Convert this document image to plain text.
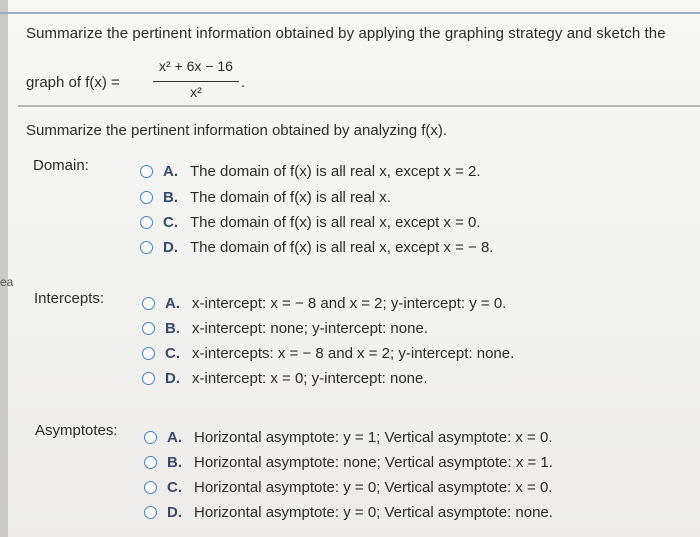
ea
Summarize the pertinent information obtained by applying the graphing strategy and sketch the
graph of f(x) =
x² + 6x − 16
x²
.
Summarize the pertinent information obtained by analyzing f(x).
Domain:	A. The domain of f(x) is all real x, except x = 2.
B. The domain of f(x) is all real x.
C. The domain of f(x) is all real x, except x = 0.
D. The domain of f(x) is all real x, except x = − 8.
Intercepts:	A. x-intercept: x = − 8 and x = 2; y-intercept: y = 0.
B. x-intercept: none; y-intercept: none.
C. x-intercepts: x = − 8 and x = 2; y-intercept: none.
D. x-intercept: x = 0; y-intercept: none.
Asymptotes:	A. Horizontal asymptote: y = 1; Vertical asymptote: x = 0.
B. Horizontal asymptote: none; Vertical asymptote: x = 1.
C. Horizontal asymptote: y = 0; Vertical asymptote: x = 0.
D. Horizontal asymptote: y = 0; Vertical asymptote: none.
